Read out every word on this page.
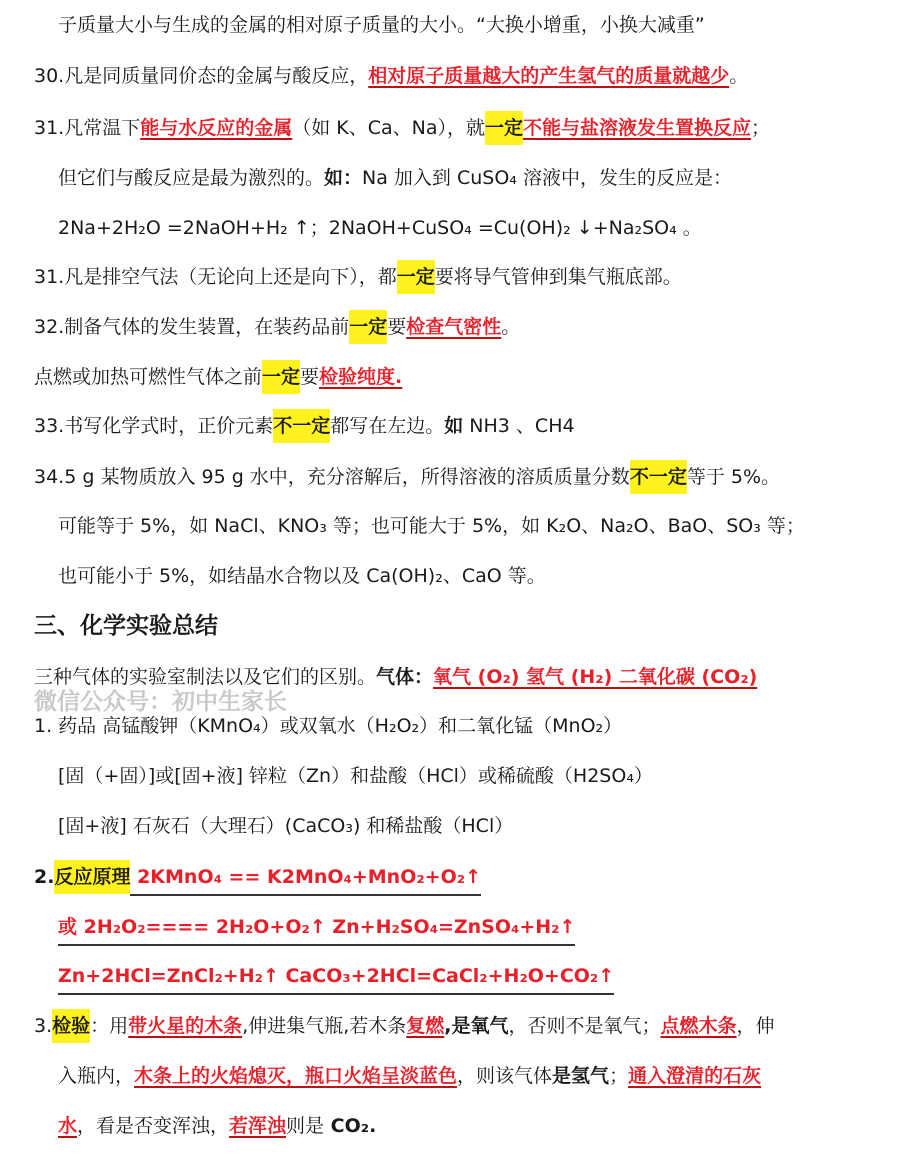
子质量大小与生成的金属的相对原子质量的大小。“大换小增重，小换大减重”
30.凡是同质量同价态的金属与酸反应，相对原子质量越大的产生氢气的质量就越少。
31.凡常温下能与水反应的金属（如 K、Ca、Na），就一定不能与盐溶液发生置换反应；
但它们与酸反应是最为激烈的。如：Na 加入到 CuSO₄ 溶液中，发生的反应是：
2Na+2H₂O =2NaOH+H₂ ↑；2NaOH+CuSO₄ =Cu(OH)₂ ↓+Na₂SO₄ 。
31.凡是排空气法（无论向上还是向下），都一定要将导气管伸到集气瓶底部。
32.制备气体的发生装置，在装药品前一定要检查气密性。
点燃或加热可燃性气体之前一定要检验纯度.
33.书写化学式时，正价元素不一定都写在左边。如 NH3 、CH4
34.5 g 某物质放入 95 g 水中，充分溶解后，所得溶液的溶质质量分数不一定等于 5%。
可能等于 5%，如 NaCl、KNO₃ 等；也可能大于 5%，如 K₂O、Na₂O、BaO、SO₃ 等；
也可能小于 5%，如结晶水合物以及 Ca(OH)₂、CaO 等。
三、化学实验总结
三种气体的实验室制法以及它们的区别。气体：氧气 (O₂) 氢气 (H₂) 二氧化碳 (CO₂)
微信公众号：初中生家长
1. 药品 高锰酸钾（KMnO₄）或双氧水（H₂O₂）和二氧化锰（MnO₂）
[固（+固）]或[固+液] 锌粒（Zn）和盐酸（HCl）或稀硫酸（H2SO₄）
[固+液] 石灰石（大理石）(CaCO₃) 和稀盐酸（HCl）
2.反应原理 2KMnO₄ == K2MnO₄+MnO₂+O₂↑
或 2H₂O₂==== 2H₂O+O₂↑ Zn+H₂SO₄=ZnSO₄+H₂↑
Zn+2HCl=ZnCl₂+H₂↑ CaCO₃+2HCl=CaCl₂+H₂O+CO₂↑
3.检验：用带火星的木条,伸进集气瓶,若木条复燃,是氧气，否则不是氧气；点燃木条，伸
入瓶内，木条上的火焰熄灭，瓶口火焰呈淡蓝色，则该气体是氢气；通入澄清的石灰
水，看是否变浑浊，若浑浊则是 CO₂.
